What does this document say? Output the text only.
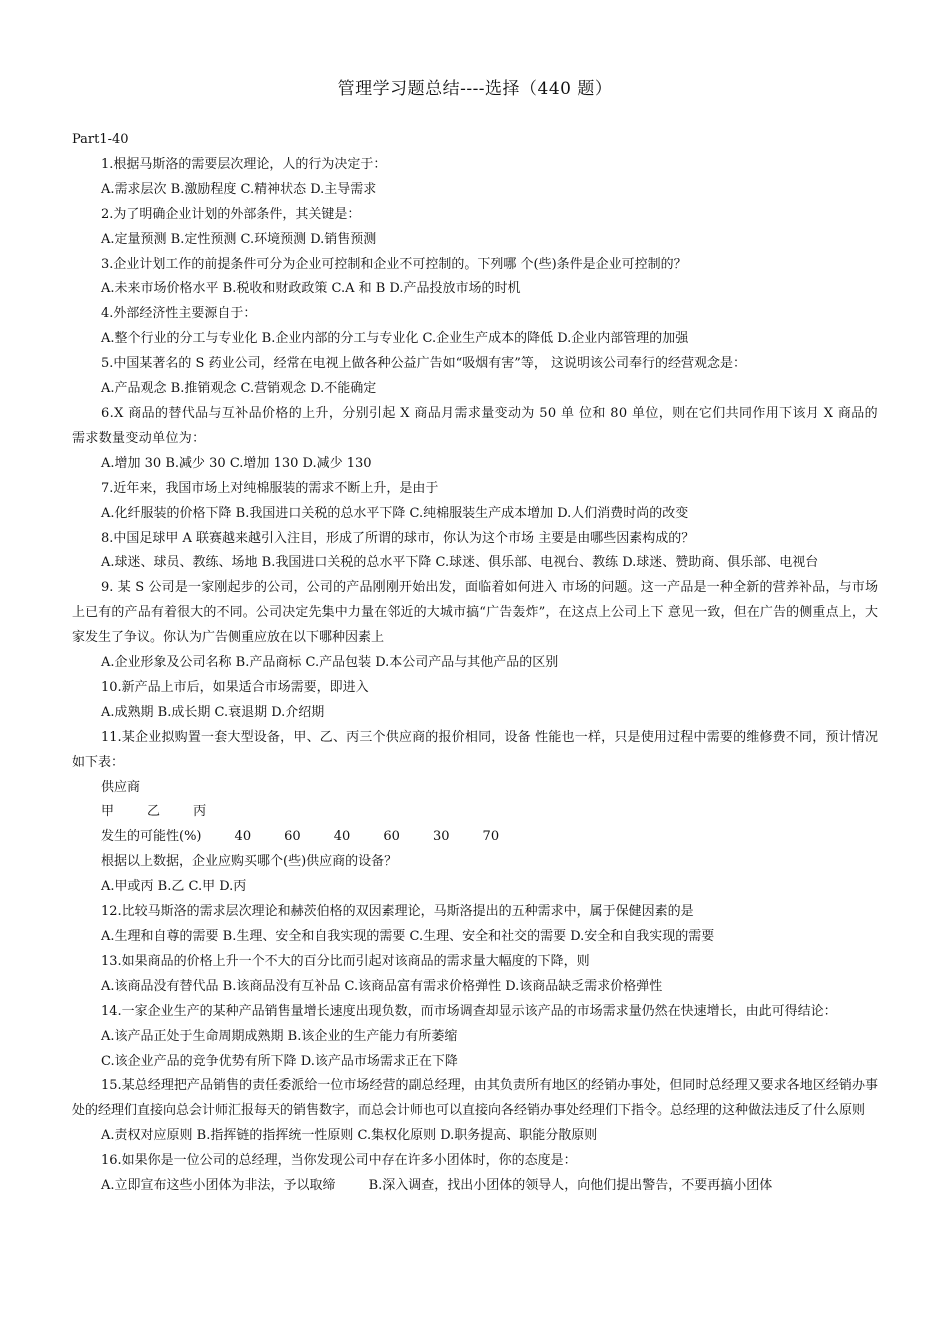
管理学习题总结----选择（440 题）
Part1-40
1.根据马斯洛的需要层次理论，人的行为决定于：
A.需求层次 B.激励程度 C.精神状态 D.主导需求
2.为了明确企业计划的外部条件，其关键是：
A.定量预测 B.定性预测 C.环境预测 D.销售预测
3.企业计划工作的前提条件可分为企业可控制和企业不可控制的。下列哪 个(些)条件是企业可控制的？
A.未来市场价格水平 B.税收和财政政策 C.A 和 B D.产品投放市场的时机
4.外部经济性主要源自于：
A.整个行业的分工与专业化 B.企业内部的分工与专业化 C.企业生产成本的降低 D.企业内部管理的加强
5.中国某著名的 S 药业公司，经常在电视上做各种公益广告如“吸烟有害”等， 这说明该公司奉行的经营观念是：
A.产品观念 B.推销观念 C.营销观念 D.不能确定
6.X 商品的替代品与互补品价格的上升，分别引起 X 商品月需求量变动为 50 单 位和 80 单位，则在它们共同作用下该月 X 商品的需求数量变动单位为：
A.增加 30 B.减少 30 C.增加 130 D.减少 130
7.近年来，我国市场上对纯棉服装的需求不断上升，是由于
A.化纤服装的价格下降 B.我国进口关税的总水平下降 C.纯棉服装生产成本增加 D.人们消费时尚的改变
8.中国足球甲 A 联赛越来越引入注目，形成了所谓的球市，你认为这个市场 主要是由哪些因素构成的？
A.球迷、球员、教练、场地 B.我国进口关税的总水平下降 C.球迷、俱乐部、电视台、教练 D.球迷、赞助商、俱乐部、电视台
9. 某 S 公司是一家刚起步的公司，公司的产品刚刚开始出发，面临着如何进入 市场的问题。这一产品是一种全新的营养补品，与市场上已有的产品有着很大的不同。公司决定先集中力量在邻近的大城市搞“广告轰炸”，在这点上公司上下 意见一致，但在广告的侧重点上，大家发生了争议。你认为广告侧重应放在以下哪种因素上
A.企业形象及公司名称 B.产品商标 C.产品包装 D.本公司产品与其他产品的区别
10.新产品上市后，如果适合市场需要，即进入
A.成熟期 B.成长期 C.衰退期 D.介绍期
11.某企业拟购置一套大型设备，甲、乙、丙三个供应商的报价相同，设备 性能也一样，只是使用过程中需要的维修费不同，预计情况如下表：
供应商
甲        乙        丙
发生的可能性(%)        40        60        40        60        30        70
根据以上数据，企业应购买哪个(些)供应商的设备？
A.甲或丙 B.乙 C.甲 D.丙
12.比较马斯洛的需求层次理论和赫茨伯格的双因素理论，马斯洛提出的五种需求中，属于保健因素的是
A.生理和自尊的需要 B.生理、安全和自我实现的需要 C.生理、安全和社交的需要 D.安全和自我实现的需要
13.如果商品的价格上升一个不大的百分比而引起对该商品的需求量大幅度的下降，则
A.该商品没有替代品 B.该商品没有互补品 C.该商品富有需求价格弹性 D.该商品缺乏需求价格弹性
14.一家企业生产的某种产品销售量增长速度出现负数，而市场调查却显示该产品的市场需求量仍然在快速增长，由此可得结论：
A.该产品正处于生命周期成熟期 B.该企业的生产能力有所萎缩
C.该企业产品的竞争优势有所下降 D.该产品市场需求正在下降
15.某总经理把产品销售的责任委派给一位市场经营的副总经理，由其负责所有地区的经销办事处，但同时总经理又要求各地区经销办事处的经理们直接向总会计师汇报每天的销售数字，而总会计师也可以直接向各经销办事处经理们下指令。总经理的这种做法违反了什么原则
A.责权对应原则 B.指挥链的指挥统一性原则 C.集权化原则 D.职务提高、职能分散原则
16.如果你是一位公司的总经理，当你发现公司中存在许多小团体时，你的态度是：
A.立即宣布这些小团体为非法，予以取缔        B.深入调查，找出小团体的领导人，向他们提出警告，不要再搞小团体
